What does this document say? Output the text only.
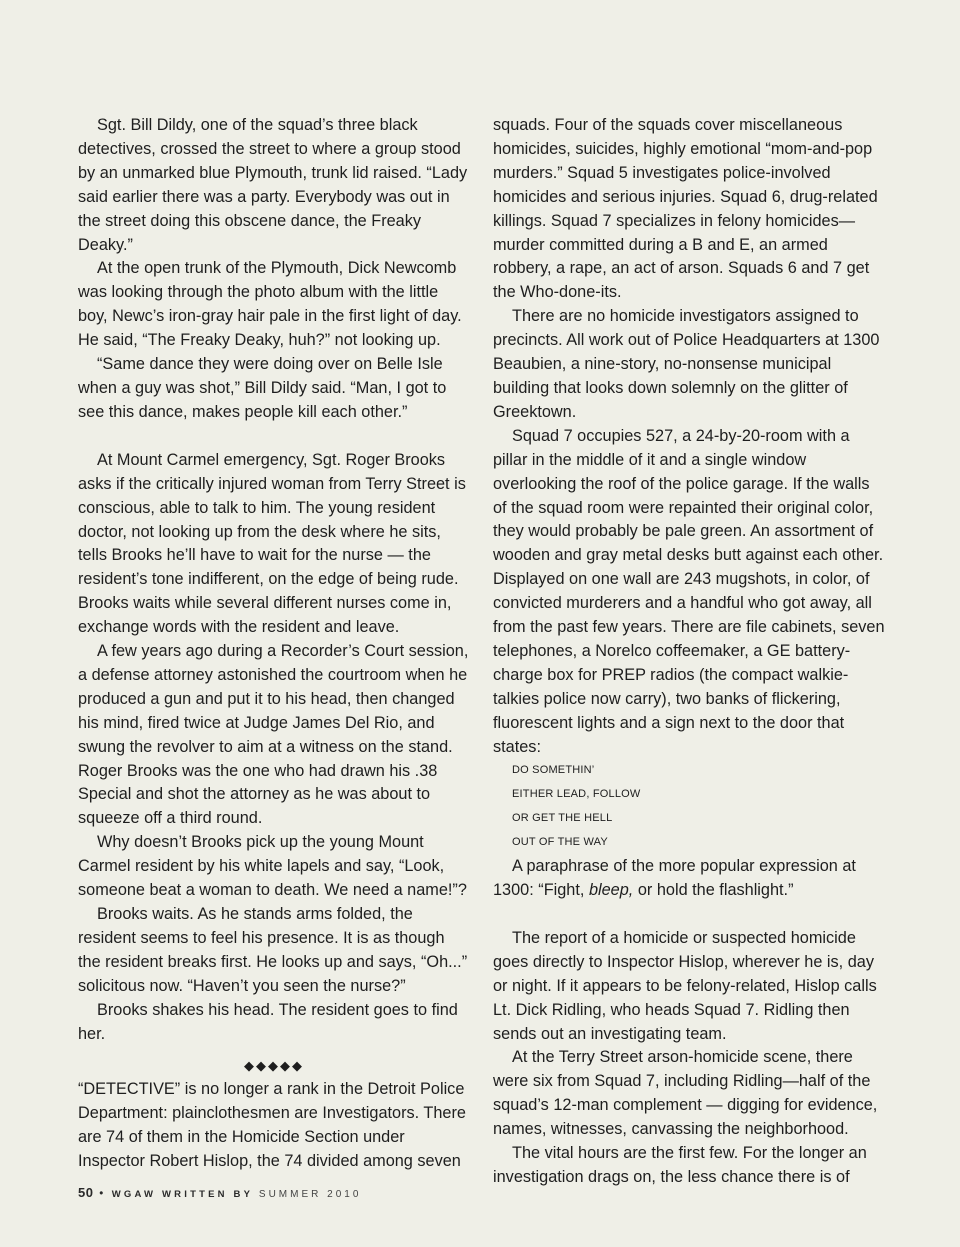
Sgt. Bill Dildy, one of the squad’s three black detectives, crossed the street to where a group stood by an unmarked blue Plymouth, trunk lid raised. “Lady said earlier there was a party. Everybody was out in the street doing this obscene dance, the Freaky Deaky.”

At the open trunk of the Plymouth, Dick Newcomb was looking through the photo album with the little boy, Newc’s iron-gray hair pale in the first light of day. He said, “The Freaky Deaky, huh?” not looking up.

“Same dance they were doing over on Belle Isle when a guy was shot,” Bill Dildy said. “Man, I got to see this dance, makes people kill each other.”

At Mount Carmel emergency, Sgt. Roger Brooks asks if the critically injured woman from Terry Street is conscious, able to talk to him. The young resident doctor, not looking up from the desk where he sits, tells Brooks he’ll have to wait for the nurse — the resident’s tone indifferent, on the edge of being rude. Brooks waits while several different nurses come in, exchange words with the resident and leave.

A few years ago during a Recorder’s Court session, a defense attorney astonished the courtroom when he produced a gun and put it to his head, then changed his mind, fired twice at Judge James Del Rio, and swung the revolver to aim at a witness on the stand. Roger Brooks was the one who had drawn his .38 Special and shot the attorney as he was about to squeeze off a third round.

Why doesn’t Brooks pick up the young Mount Carmel resident by his white lapels and say, “Look, someone beat a woman to death. We need a name!”?

Brooks waits. As he stands arms folded, the resident seems to feel his presence. It is as though the resident breaks first. He looks up and says, “Oh...” solicitous now. “Haven’t you seen the nurse?”

Brooks shakes his head. The resident goes to find her.

◆◆◆◆◆

“DETECTIVE” is no longer a rank in the Detroit Police Department: plainclothesmen are Investigators. There are 74 of them in the Homicide Section under Inspector Robert Hislop, the 74 divided among seven

squads. Four of the squads cover miscellaneous homicides, suicides, highly emotional “mom-and-pop murders.” Squad 5 investigates police-involved homicides and serious injuries. Squad 6, drug-related killings. Squad 7 specializes in felony homicides—murder committed during a B and E, an armed robbery, a rape, an act of arson. Squads 6 and 7 get the Who-done-its.

There are no homicide investigators assigned to precincts. All work out of Police Headquarters at 1300 Beaubien, a nine-story, no-nonsense municipal building that looks down solemnly on the glitter of Greektown.

Squad 7 occupies 527, a 24-by-20-room with a pillar in the middle of it and a single window overlooking the roof of the police garage. If the walls of the squad room were repainted their original color, they would probably be pale green. An assortment of wooden and gray metal desks butt against each other. Displayed on one wall are 243 mugshots, in color, of convicted murderers and a handful who got away, all from the past few years. There are file cabinets, seven telephones, a Norelco coffeemaker, a GE battery-charge box for PREP radios (the compact walkie-talkies police now carry), two banks of flickering, fluorescent lights and a sign next to the door that states:

DO SOMETHIN’

EITHER LEAD, FOLLOW

OR GET THE HELL

OUT OF THE WAY

A paraphrase of the more popular expression at 1300: “Fight, bleep, or hold the flashlight.”

The report of a homicide or suspected homicide goes directly to Inspector Hislop, wherever he is, day or night. If it appears to be felony-related, Hislop calls Lt. Dick Ridling, who heads Squad 7. Ridling then sends out an investigating team.

At the Terry Street arson-homicide scene, there were six from Squad 7, including Ridling—half of the squad’s 12-man complement — digging for evidence, names, witnesses, canvassing the neighborhood.

The vital hours are the first few. For the longer an investigation drags on, the less chance there is of

50 • WGAW WRITTEN BY SUMMER 2010
